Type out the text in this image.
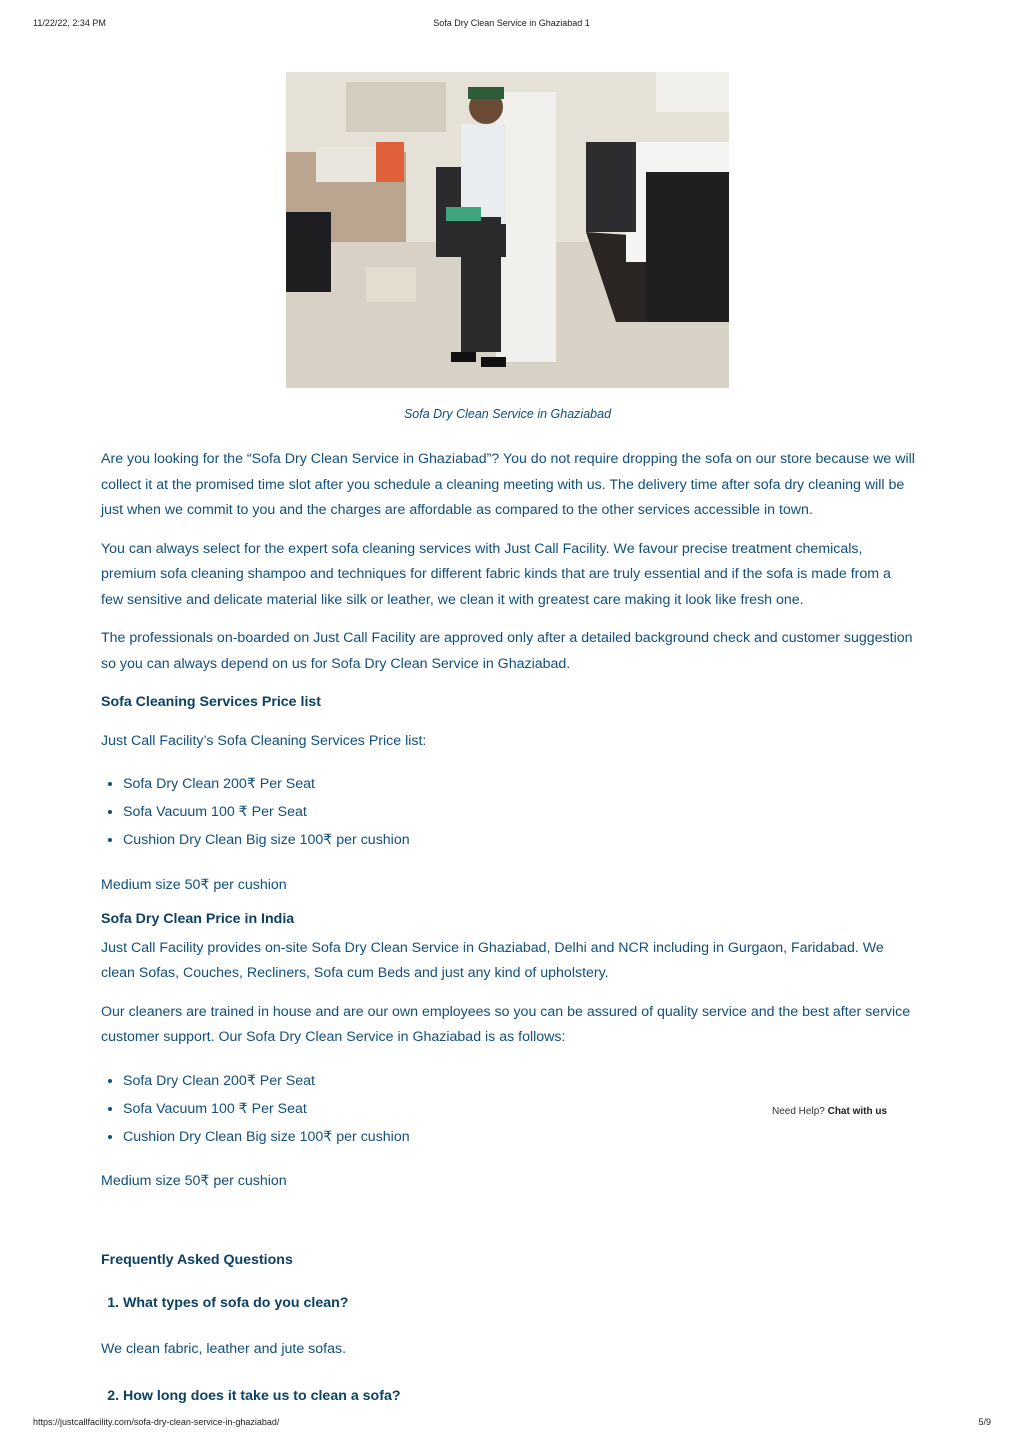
11/22/22, 2:34 PM	Sofa Dry Clean Service in Ghaziabad 1
Sofa Dry Clean Service in Ghaziabad

Are you looking for the “Sofa Dry Clean Service in Ghaziabad”? You do not require dropping the sofa on our store because we will collect it at the promised time slot after you schedule a cleaning meeting with us. The delivery time after sofa dry cleaning will be just when we commit to you and the charges are affordable as compared to the other services accessible in town.

You can always select for the expert sofa cleaning services with Just Call Facility. We favour precise treatment chemicals, premium sofa cleaning shampoo and techniques for different fabric kinds that are truly essential and if the sofa is made from a few sensitive and delicate material like silk or leather, we clean it with greatest care making it look like fresh one.

The professionals on-boarded on Just Call Facility are approved only after a detailed background check and customer suggestion so you can always depend on us for Sofa Dry Clean Service in Ghaziabad.

Sofa Cleaning Services Price list

Just Call Facility’s Sofa Cleaning Services Price list:

• Sofa Dry Clean 200₹ Per Seat
• Sofa Vacuum 100 ₹ Per Seat
• Cushion Dry Clean Big size 100₹ per cushion

Medium size 50₹ per cushion

Sofa Dry Clean Price in India

Just Call Facility provides on-site Sofa Dry Clean Service in Ghaziabad, Delhi and NCR including in Gurgaon, Faridabad. We clean Sofas, Couches, Recliners, Sofa cum Beds and just any kind of upholstery.

Our cleaners are trained in house and are our own employees so you can be assured of quality service and the best after service customer support. Our Sofa Dry Clean Service in Ghaziabad is as follows:

• Sofa Dry Clean 200₹ Per Seat
• Sofa Vacuum 100 ₹ Per Seat
• Cushion Dry Clean Big size 100₹ per cushion

Medium size 50₹ per cushion

Frequently Asked Questions
1. What types of sofa do you clean?

We clean fabric, leather and jute sofas.

2. How long does it take us to clean a sofa?
Need Help? Chat with us
https://justcallfacility.com/sofa-dry-clean-service-in-ghaziabad/	5/9
